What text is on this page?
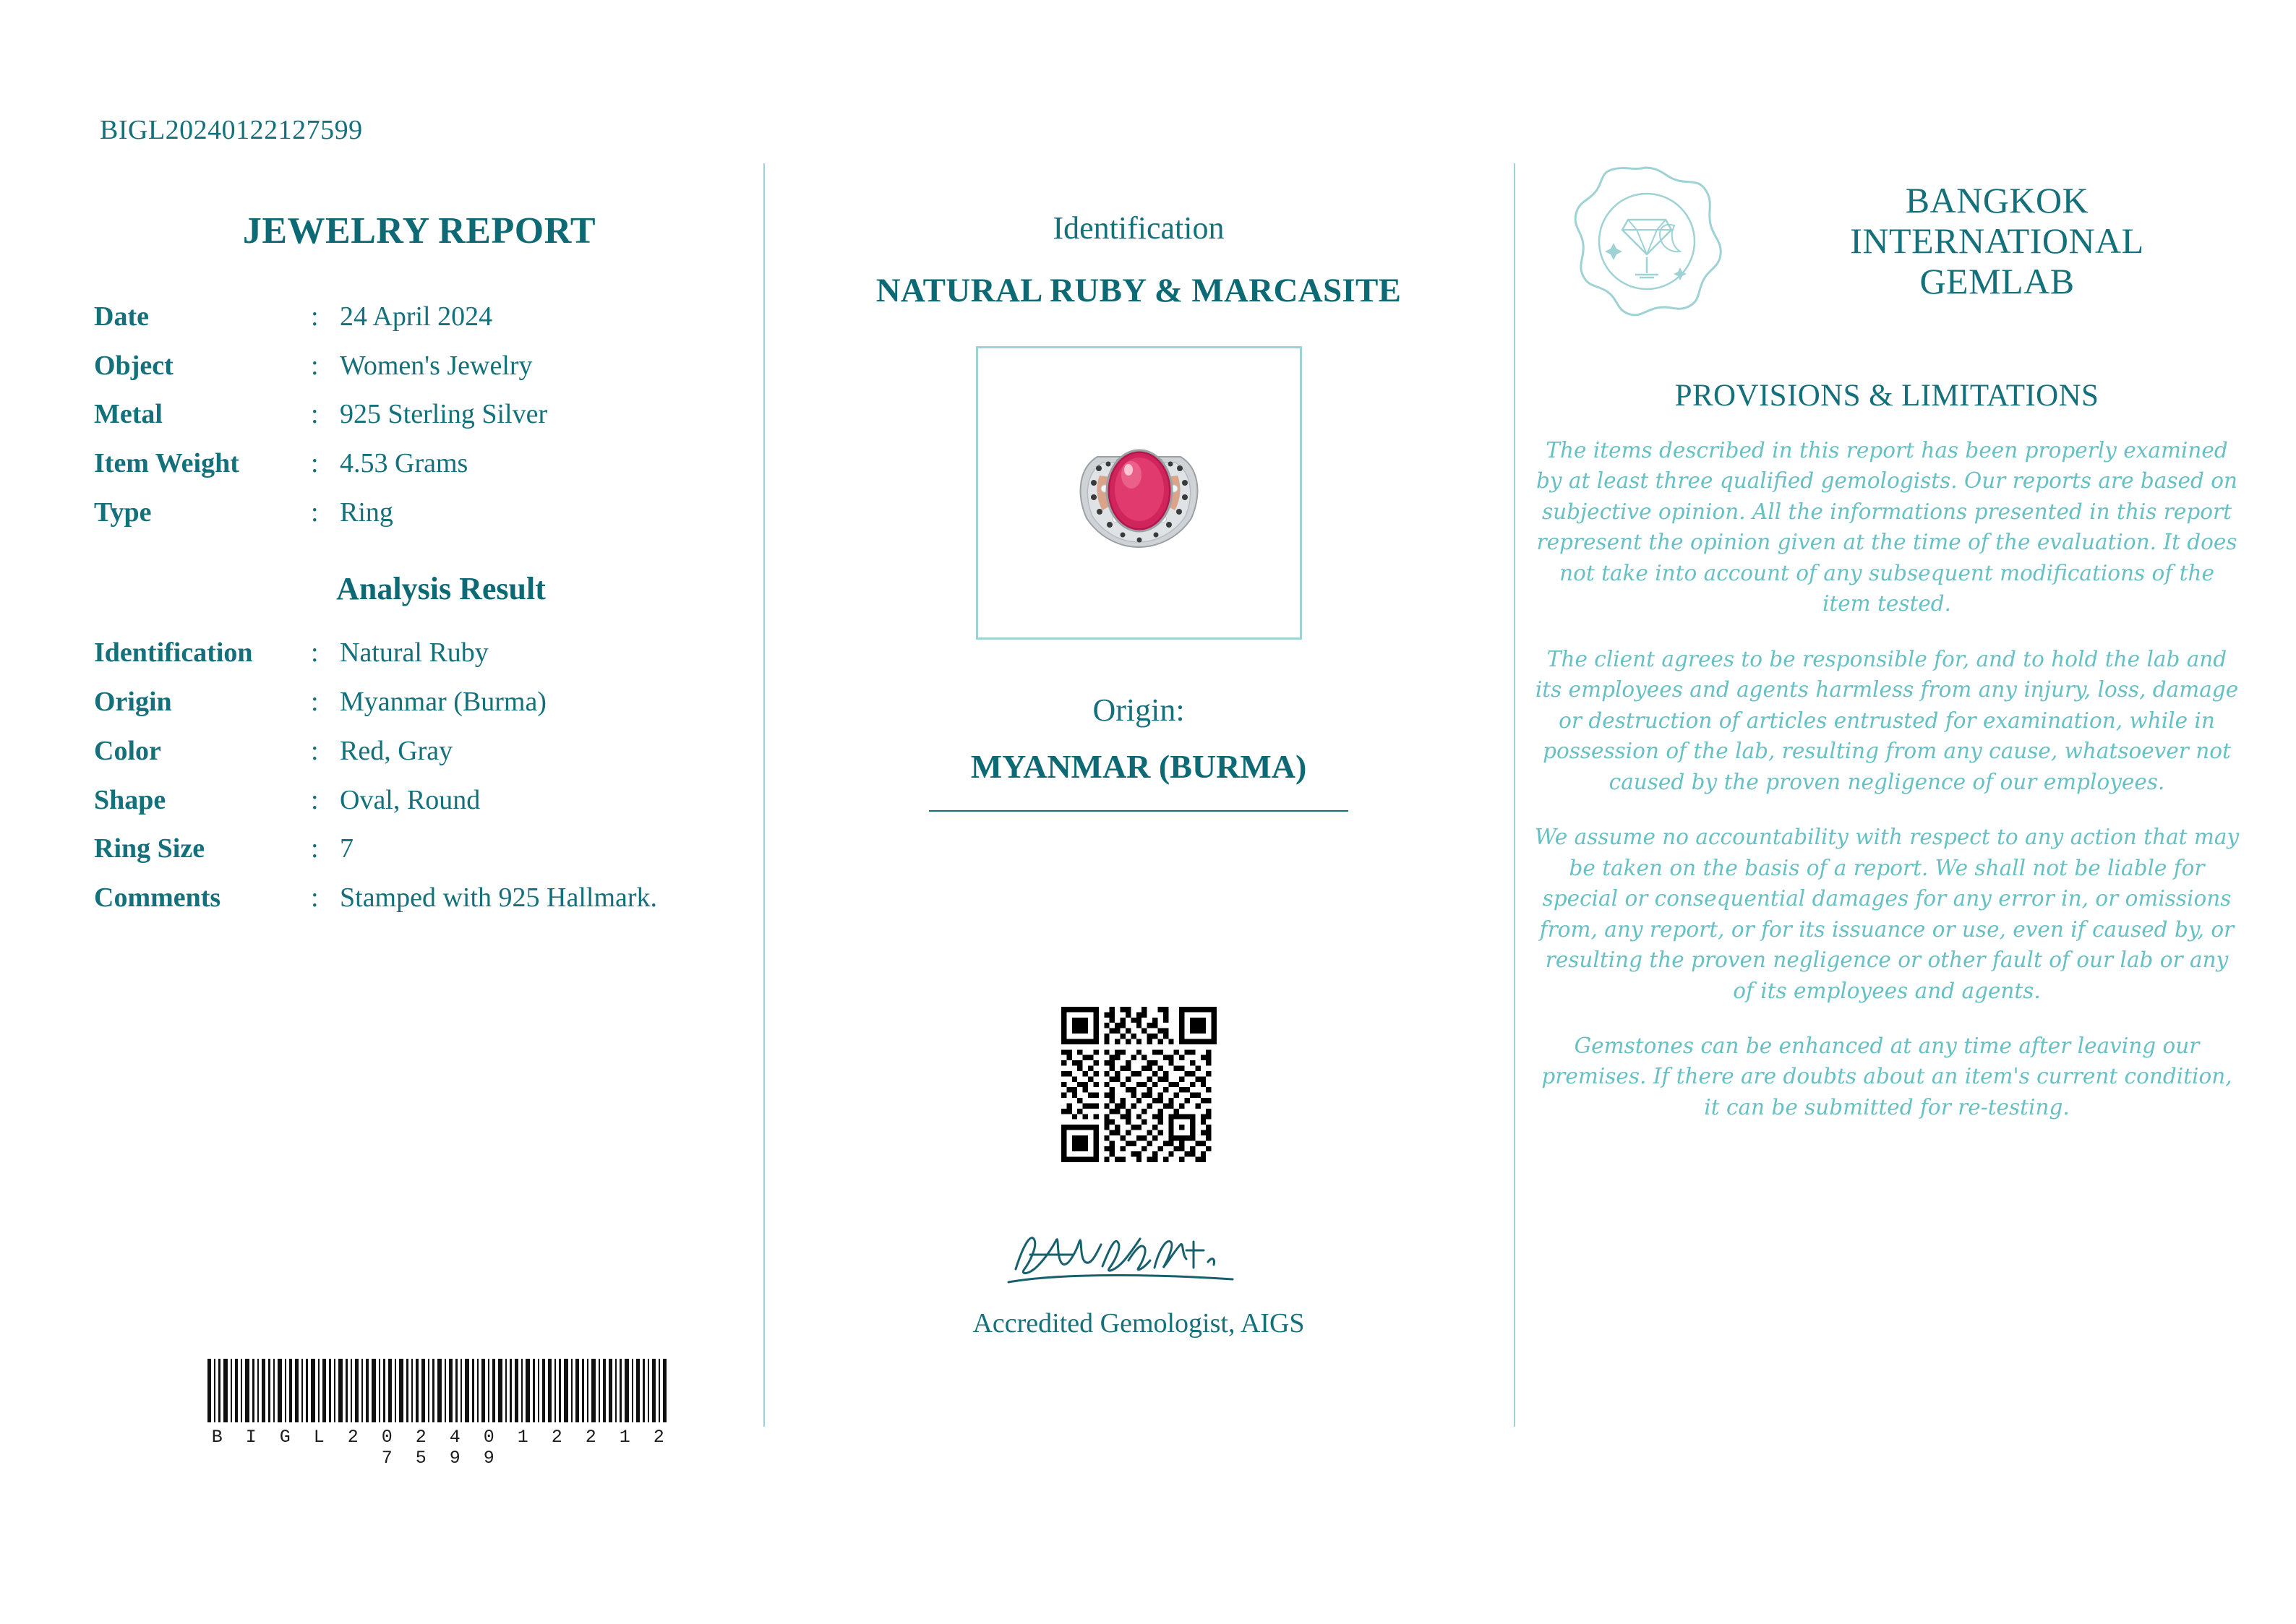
BIGL20240122127599
JEWELRY REPORT
Date	:	24 April 2024
Object	:	Women's Jewelry
Metal	:	925 Sterling Silver
Item Weight	:	4.53 Grams
Type	:	Ring
Analysis Result
Identification	:	Natural Ruby
Origin	:	Myanmar (Burma)
Color	:	Red, Gray
Shape	:	Oval, Round
Ring Size	:	7
Comments	:	Stamped with 925 Hallmark.
B I G L 2 0 2 4 0 1 2 2 1 2 7 5 9 9
Identification
NATURAL RUBY & MARCASITE
Origin:
MYANMAR (BURMA)
Accredited Gemologist, AIGS
BANGKOK
INTERNATIONAL
GEMLAB
PROVISIONS & LIMITATIONS
The items described in this report has been properly examined by at least three qualified gemologists. Our reports are based on subjective opinion. All the informations presented in this report represent the opinion given at the time of the evaluation. It does not take into account of any subsequent modifications of the item tested.
The client agrees to be responsible for, and to hold the lab and its employees and agents harmless from any injury, loss, damage or destruction of articles entrusted for examination, while in possession of the lab, resulting from any cause, whatsoever not caused by the proven negligence of our employees.
We assume no accountability with respect to any action that may be taken on the basis of a report. We shall not be liable for special or consequential damages for any error in, or omissions from, any report, or for its issuance or use, even if caused by, or resulting the proven negligence or other fault of our lab or any of its employees and agents.
Gemstones can be enhanced at any time after leaving our premises. If there are doubts about an item's current condition, it can be submitted for re-testing.
